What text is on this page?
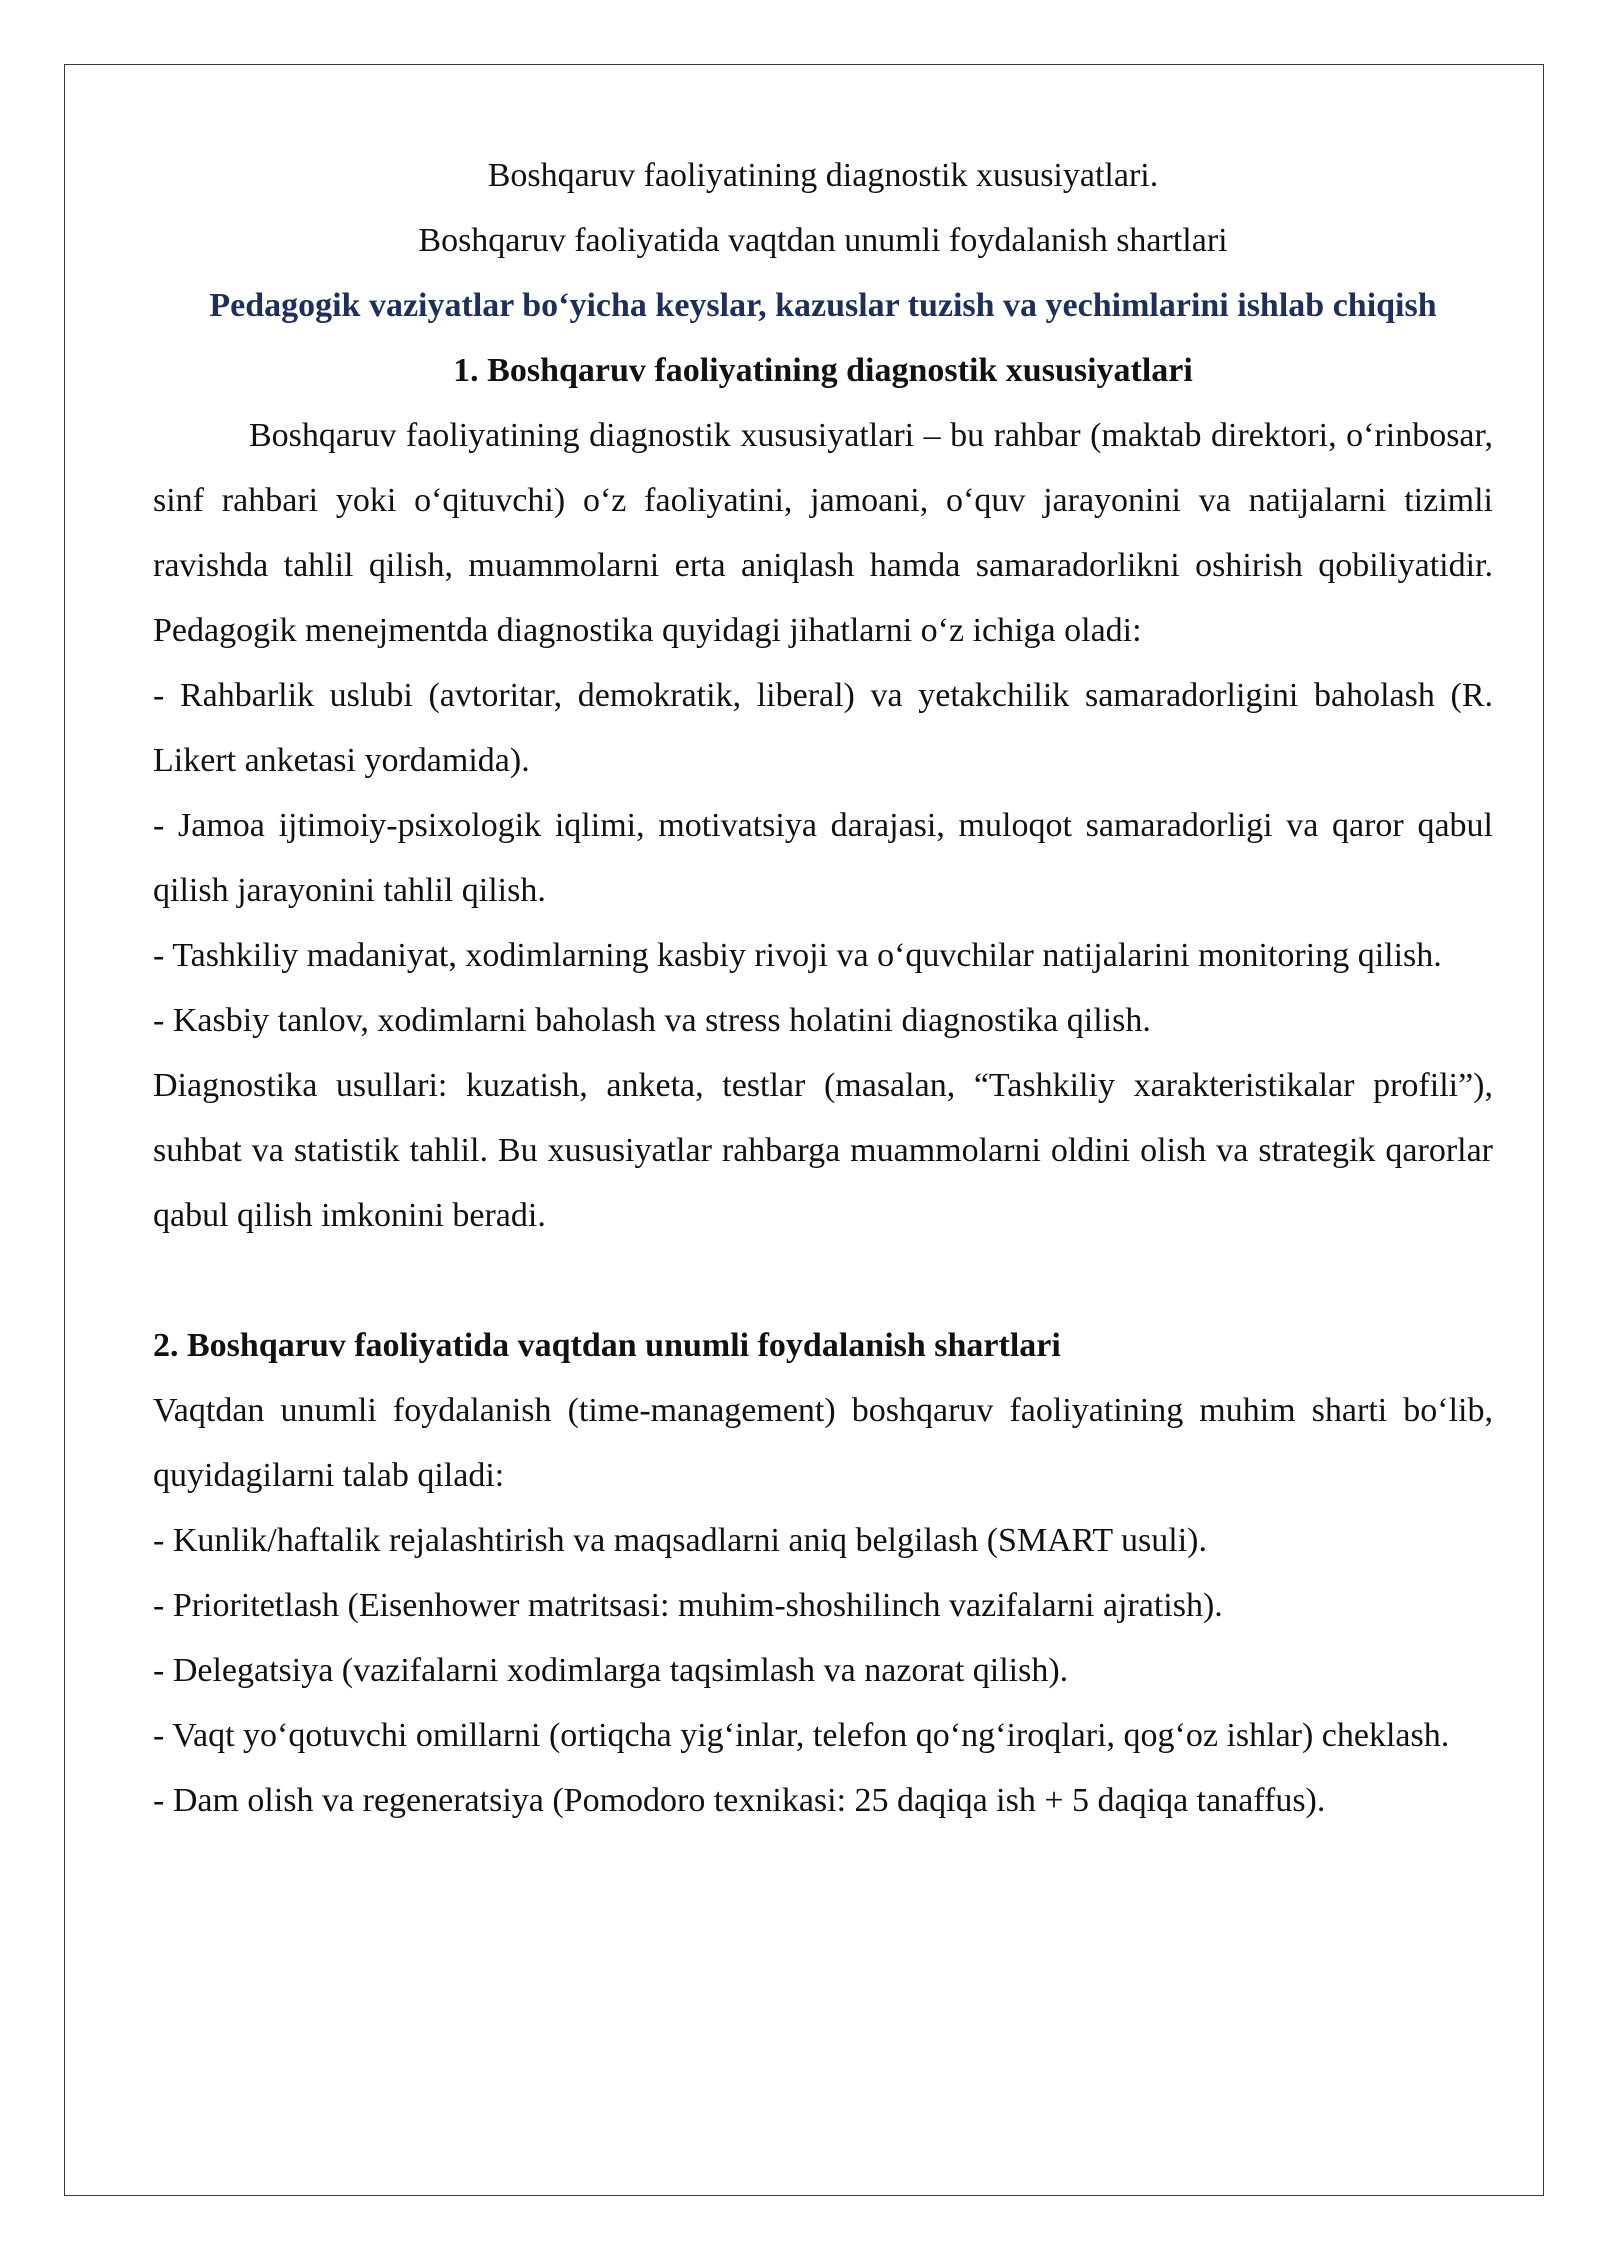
Boshqaruv faoliyatining diagnostik xususiyatlari.
Boshqaruv faoliyatida vaqtdan unumli foydalanish shartlari
Pedagogik vaziyatlar bo‘yicha keyslar, kazuslar tuzish va yechimlarini ishlab chiqish
1. Boshqaruv faoliyatining diagnostik xususiyatlari

Boshqaruv faoliyatining diagnostik xususiyatlari – bu rahbar (maktab direktori, o‘rinbosar, sinf rahbari yoki o‘qituvchi) o‘z faoliyatini, jamoani, o‘quv jarayonini va natijalarni tizimli ravishda tahlil qilish, muammolarni erta aniqlash hamda samaradorlikni oshirish qobiliyatidir. Pedagogik menejmentda diagnostika quyidagi jihatlarni o‘z ichiga oladi:

- Rahbarlik uslubi (avtoritar, demokratik, liberal) va yetakchilik samaradorligini baholash (R. Likert anketasi yordamida).

- Jamoa ijtimoiy-psixologik iqlimi, motivatsiya darajasi, muloqot samaradorligi va qaror qabul qilish jarayonini tahlil qilish.

- Tashkiliy madaniyat, xodimlarning kasbiy rivoji va o‘quvchilar natijalarini monitoring qilish.

- Kasbiy tanlov, xodimlarni baholash va stress holatini diagnostika qilish.

Diagnostika usullari: kuzatish, anketa, testlar (masalan, “Tashkiliy xarakteristikalar profili”), suhbat va statistik tahlil. Bu xususiyatlar rahbarga muammolarni oldini olish va strategik qarorlar qabul qilish imkonini beradi.

2. Boshqaruv faoliyatida vaqtdan unumli foydalanish shartlari

Vaqtdan unumli foydalanish (time-management) boshqaruv faoliyatining muhim sharti bo‘lib, quyidagilarni talab qiladi:

- Kunlik/haftalik rejalashtirish va maqsadlarni aniq belgilash (SMART usuli).

- Prioritetlash (Eisenhower matritsasi: muhim-shoshilinch vazifalarni ajratish).

- Delegatsiya (vazifalarni xodimlarga taqsimlash va nazorat qilish).

- Vaqt yo‘qotuvchi omillarni (ortiqcha yig‘inlar, telefon qo‘ng‘iroqlari, qog‘oz ishlar) cheklash.

- Dam olish va regeneratsiya (Pomodoro texnikasi: 25 daqiqa ish + 5 daqiqa tanaffus).
